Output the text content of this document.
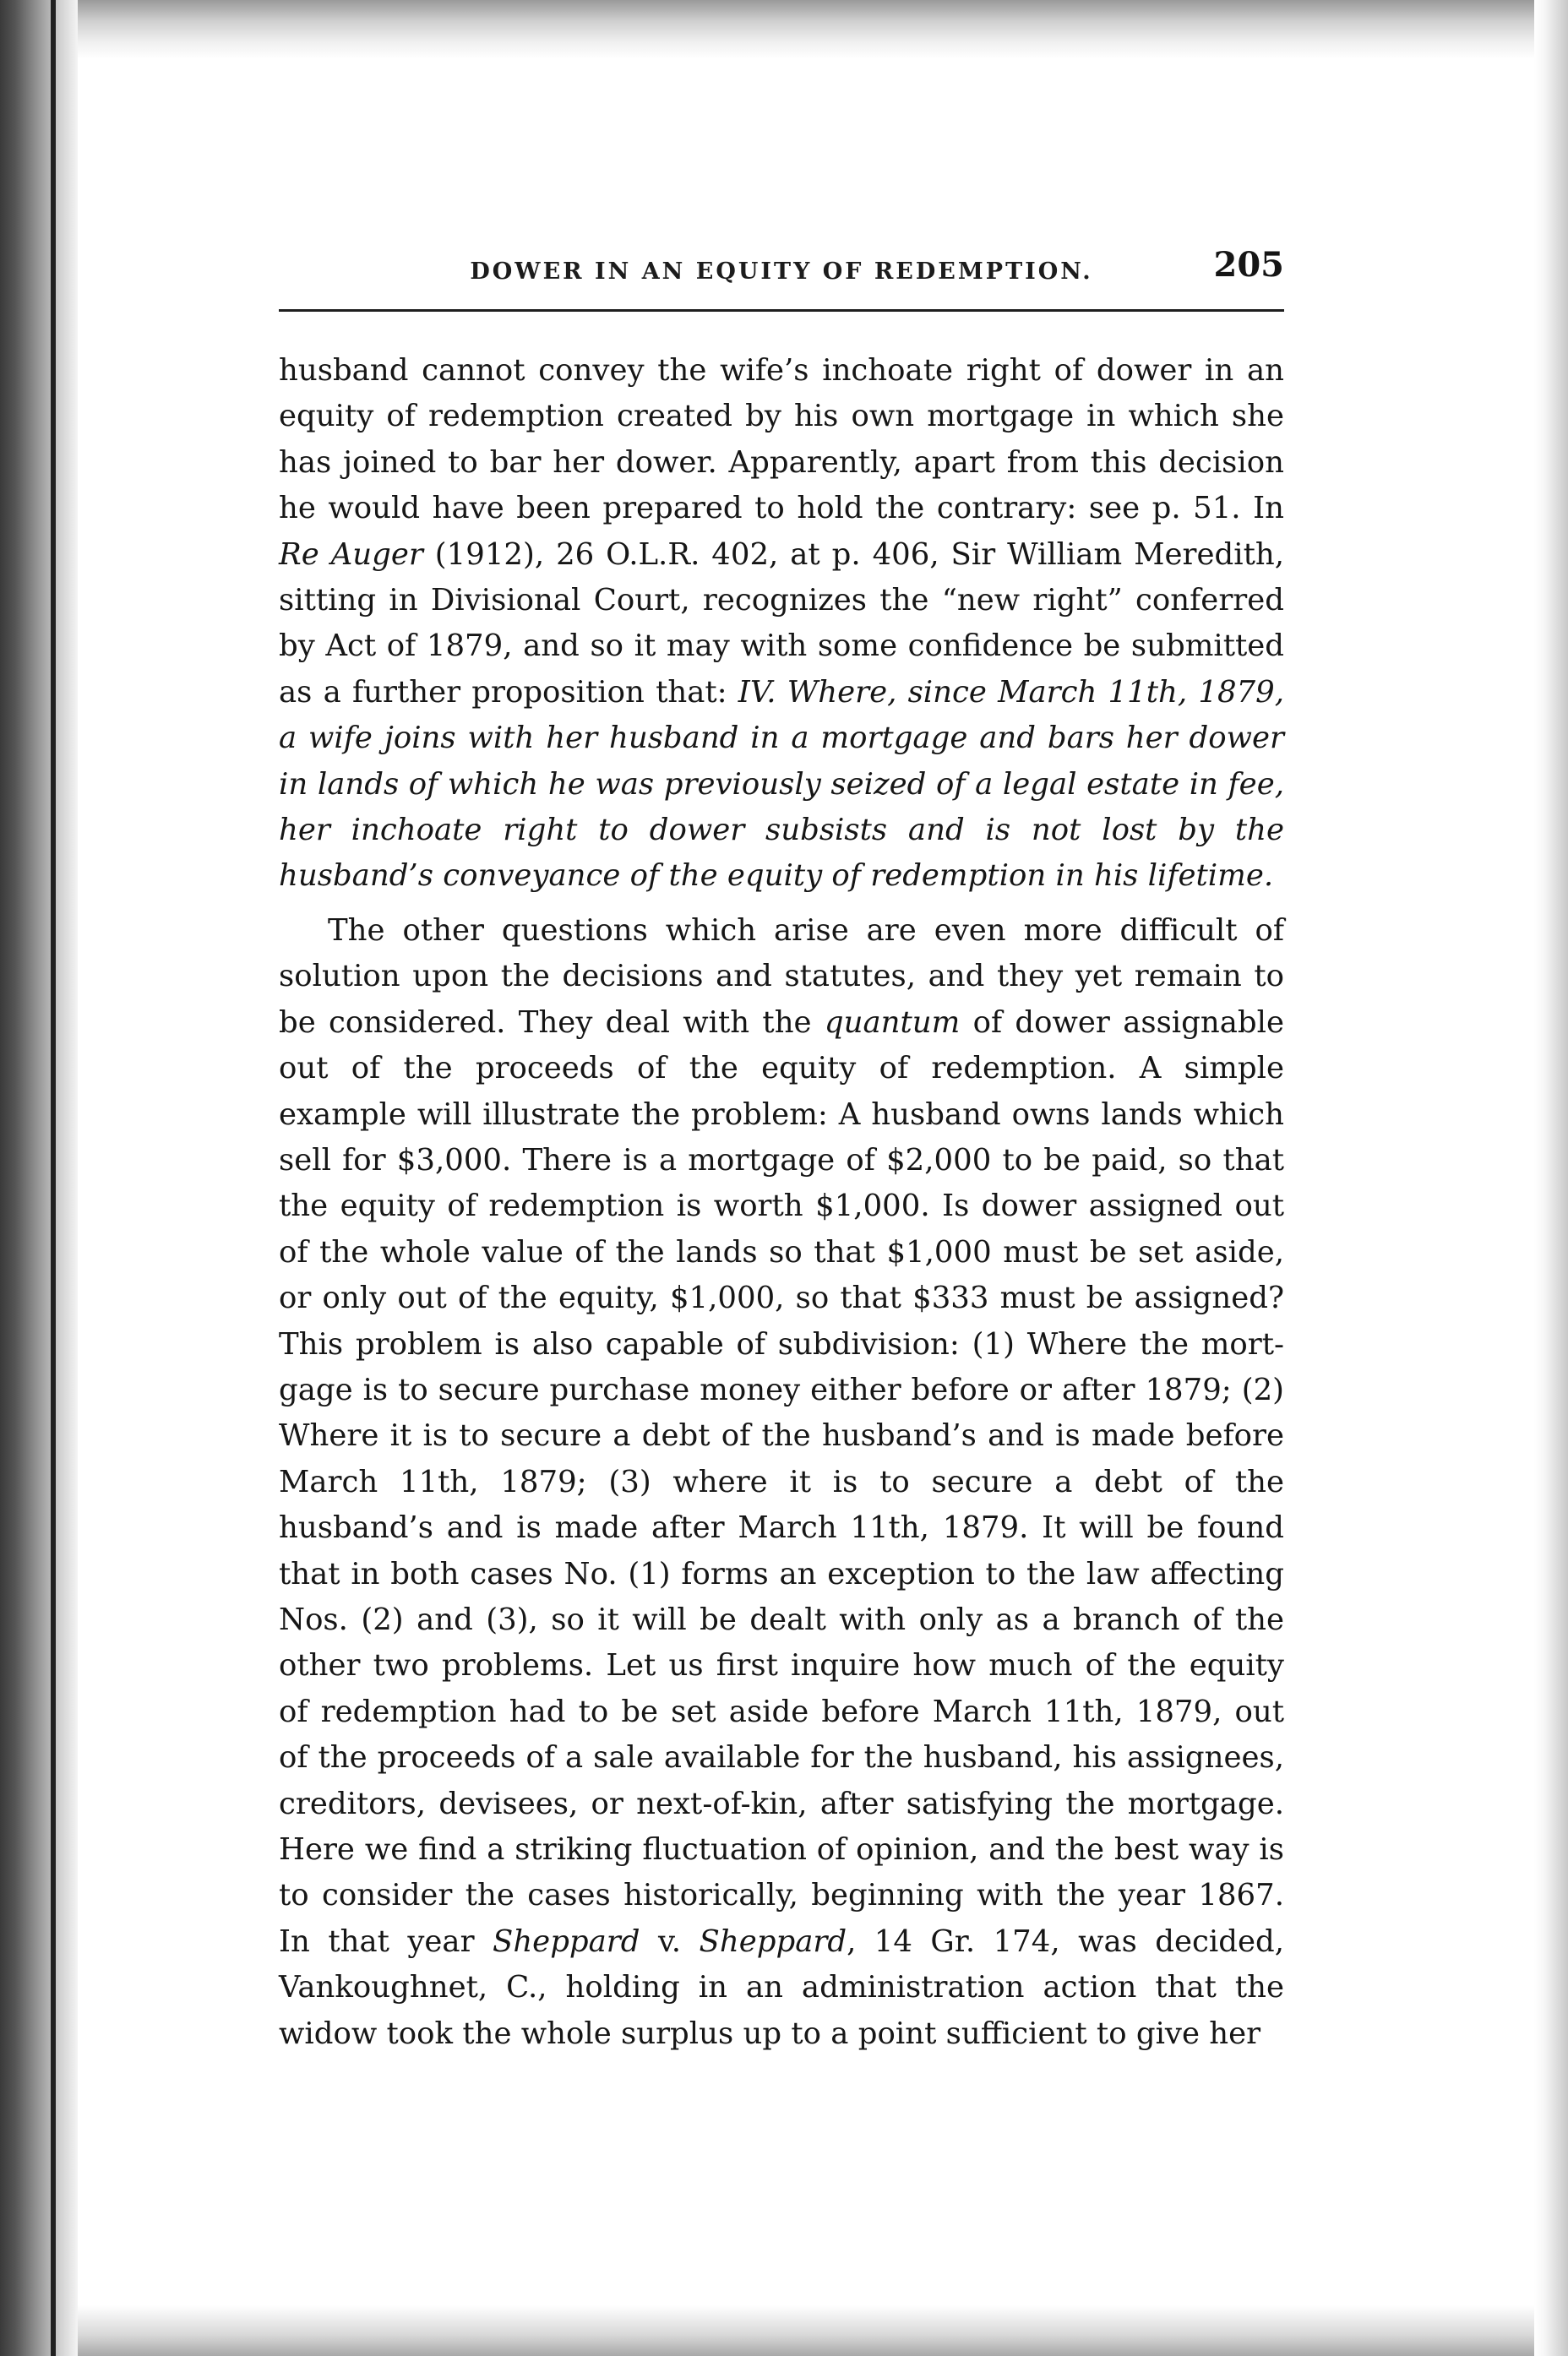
DOWER IN AN EQUITY OF REDEMPTION.	205

husband cannot convey the wife’s inchoate right of dower in an equity of redemption created by his own mortgage in which she has joined to bar her dower. Apparently, apart from this decision he would have been prepared to hold the contrary: see p. 51. In Re Auger (1912), 26 O.L.R. 402, at p. 406, Sir William Meredith, sitting in Divisional Court, recognizes the “new right” conferred by Act of 1879, and so it may with some confidence be submitted as a further proposition that: IV. Where, since March 11th, 1879, a wife joins with her husband in a mortgage and bars her dower in lands of which he was previously seized of a legal estate in fee, her inchoate right to dower subsists and is not lost by the husband’s conveyance of the equity of redemption in his lifetime.

The other questions which arise are even more difficult of solution upon the decisions and statutes, and they yet remain to be considered. They deal with the quantum of dower assignable out of the proceeds of the equity of redemption. A simple example will illustrate the problem: A husband owns lands which sell for $3,000. There is a mortgage of $2,000 to be paid, so that the equity of redemption is worth $1,000. Is dower assigned out of the whole value of the lands so that $1,000 must be set aside, or only out of the equity, $1,000, so that $333 must be assigned? This problem is also capable of subdivision: (1) Where the mortgage is to secure purchase money either before or after 1879; (2) Where it is to secure a debt of the husband’s and is made before March 11th, 1879; (3) where it is to secure a debt of the husband’s and is made after March 11th, 1879. It will be found that in both cases No. (1) forms an exception to the law affecting Nos. (2) and (3), so it will be dealt with only as a branch of the other two problems. Let us first inquire how much of the equity of redemption had to be set aside before March 11th, 1879, out of the proceeds of a sale available for the husband, his assignees, creditors, devisees, or next-of-kin, after satisfying the mortgage. Here we find a striking fluctuation of opinion, and the best way is to consider the cases historically, beginning with the year 1867. In that year Sheppard v. Sheppard, 14 Gr. 174, was decided, Vankoughnet, C., holding in an administration action that the widow took the whole surplus up to a point sufficient to give her
